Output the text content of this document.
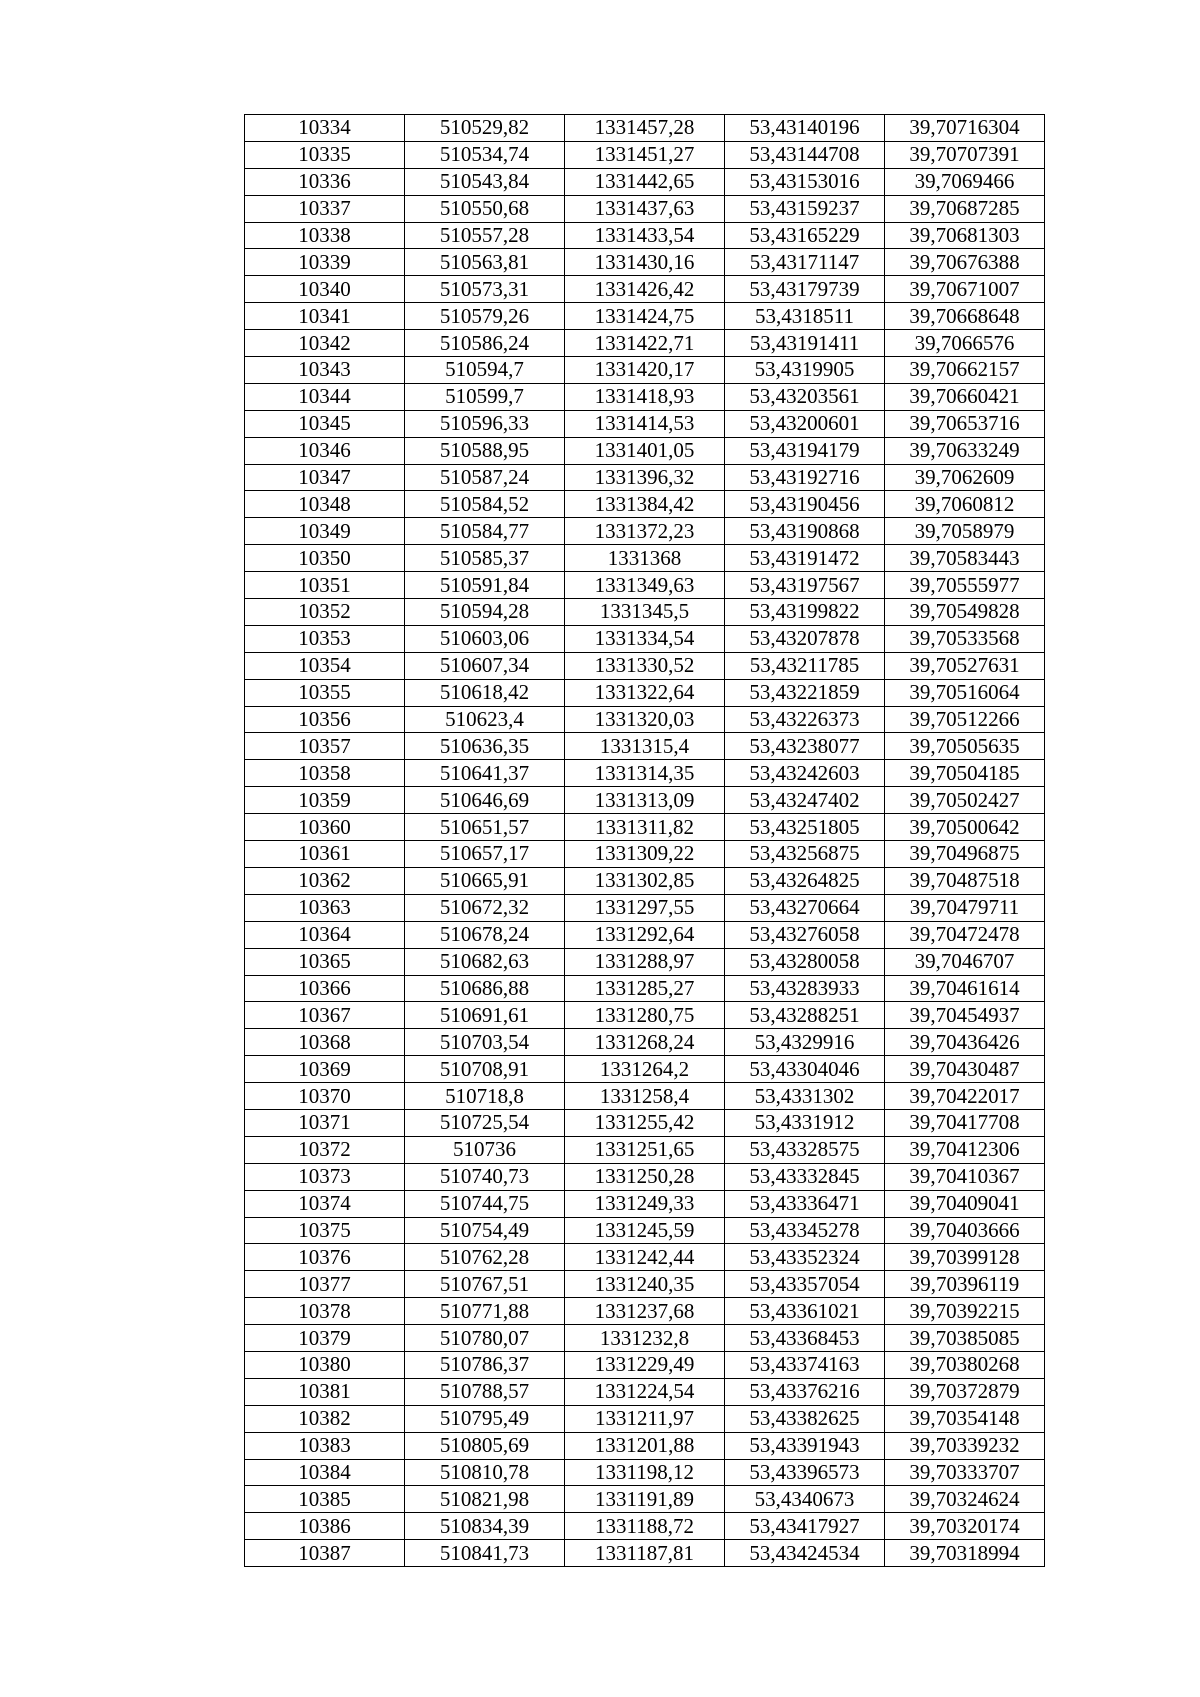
10334	510529,82	1331457,28	53,43140196	39,70716304
10335	510534,74	1331451,27	53,43144708	39,70707391
10336	510543,84	1331442,65	53,43153016	39,7069466
10337	510550,68	1331437,63	53,43159237	39,70687285
10338	510557,28	1331433,54	53,43165229	39,70681303
10339	510563,81	1331430,16	53,43171147	39,70676388
10340	510573,31	1331426,42	53,43179739	39,70671007
10341	510579,26	1331424,75	53,4318511	39,70668648
10342	510586,24	1331422,71	53,43191411	39,7066576
10343	510594,7	1331420,17	53,4319905	39,70662157
10344	510599,7	1331418,93	53,43203561	39,70660421
10345	510596,33	1331414,53	53,43200601	39,70653716
10346	510588,95	1331401,05	53,43194179	39,70633249
10347	510587,24	1331396,32	53,43192716	39,7062609
10348	510584,52	1331384,42	53,43190456	39,7060812
10349	510584,77	1331372,23	53,43190868	39,7058979
10350	510585,37	1331368	53,43191472	39,70583443
10351	510591,84	1331349,63	53,43197567	39,70555977
10352	510594,28	1331345,5	53,43199822	39,70549828
10353	510603,06	1331334,54	53,43207878	39,70533568
10354	510607,34	1331330,52	53,43211785	39,70527631
10355	510618,42	1331322,64	53,43221859	39,70516064
10356	510623,4	1331320,03	53,43226373	39,70512266
10357	510636,35	1331315,4	53,43238077	39,70505635
10358	510641,37	1331314,35	53,43242603	39,70504185
10359	510646,69	1331313,09	53,43247402	39,70502427
10360	510651,57	1331311,82	53,43251805	39,70500642
10361	510657,17	1331309,22	53,43256875	39,70496875
10362	510665,91	1331302,85	53,43264825	39,70487518
10363	510672,32	1331297,55	53,43270664	39,70479711
10364	510678,24	1331292,64	53,43276058	39,70472478
10365	510682,63	1331288,97	53,43280058	39,7046707
10366	510686,88	1331285,27	53,43283933	39,70461614
10367	510691,61	1331280,75	53,43288251	39,70454937
10368	510703,54	1331268,24	53,4329916	39,70436426
10369	510708,91	1331264,2	53,43304046	39,70430487
10370	510718,8	1331258,4	53,4331302	39,70422017
10371	510725,54	1331255,42	53,4331912	39,70417708
10372	510736	1331251,65	53,43328575	39,70412306
10373	510740,73	1331250,28	53,43332845	39,70410367
10374	510744,75	1331249,33	53,43336471	39,70409041
10375	510754,49	1331245,59	53,43345278	39,70403666
10376	510762,28	1331242,44	53,43352324	39,70399128
10377	510767,51	1331240,35	53,43357054	39,70396119
10378	510771,88	1331237,68	53,43361021	39,70392215
10379	510780,07	1331232,8	53,43368453	39,70385085
10380	510786,37	1331229,49	53,43374163	39,70380268
10381	510788,57	1331224,54	53,43376216	39,70372879
10382	510795,49	1331211,97	53,43382625	39,70354148
10383	510805,69	1331201,88	53,43391943	39,70339232
10384	510810,78	1331198,12	53,43396573	39,70333707
10385	510821,98	1331191,89	53,4340673	39,70324624
10386	510834,39	1331188,72	53,43417927	39,70320174
10387	510841,73	1331187,81	53,43424534	39,70318994
